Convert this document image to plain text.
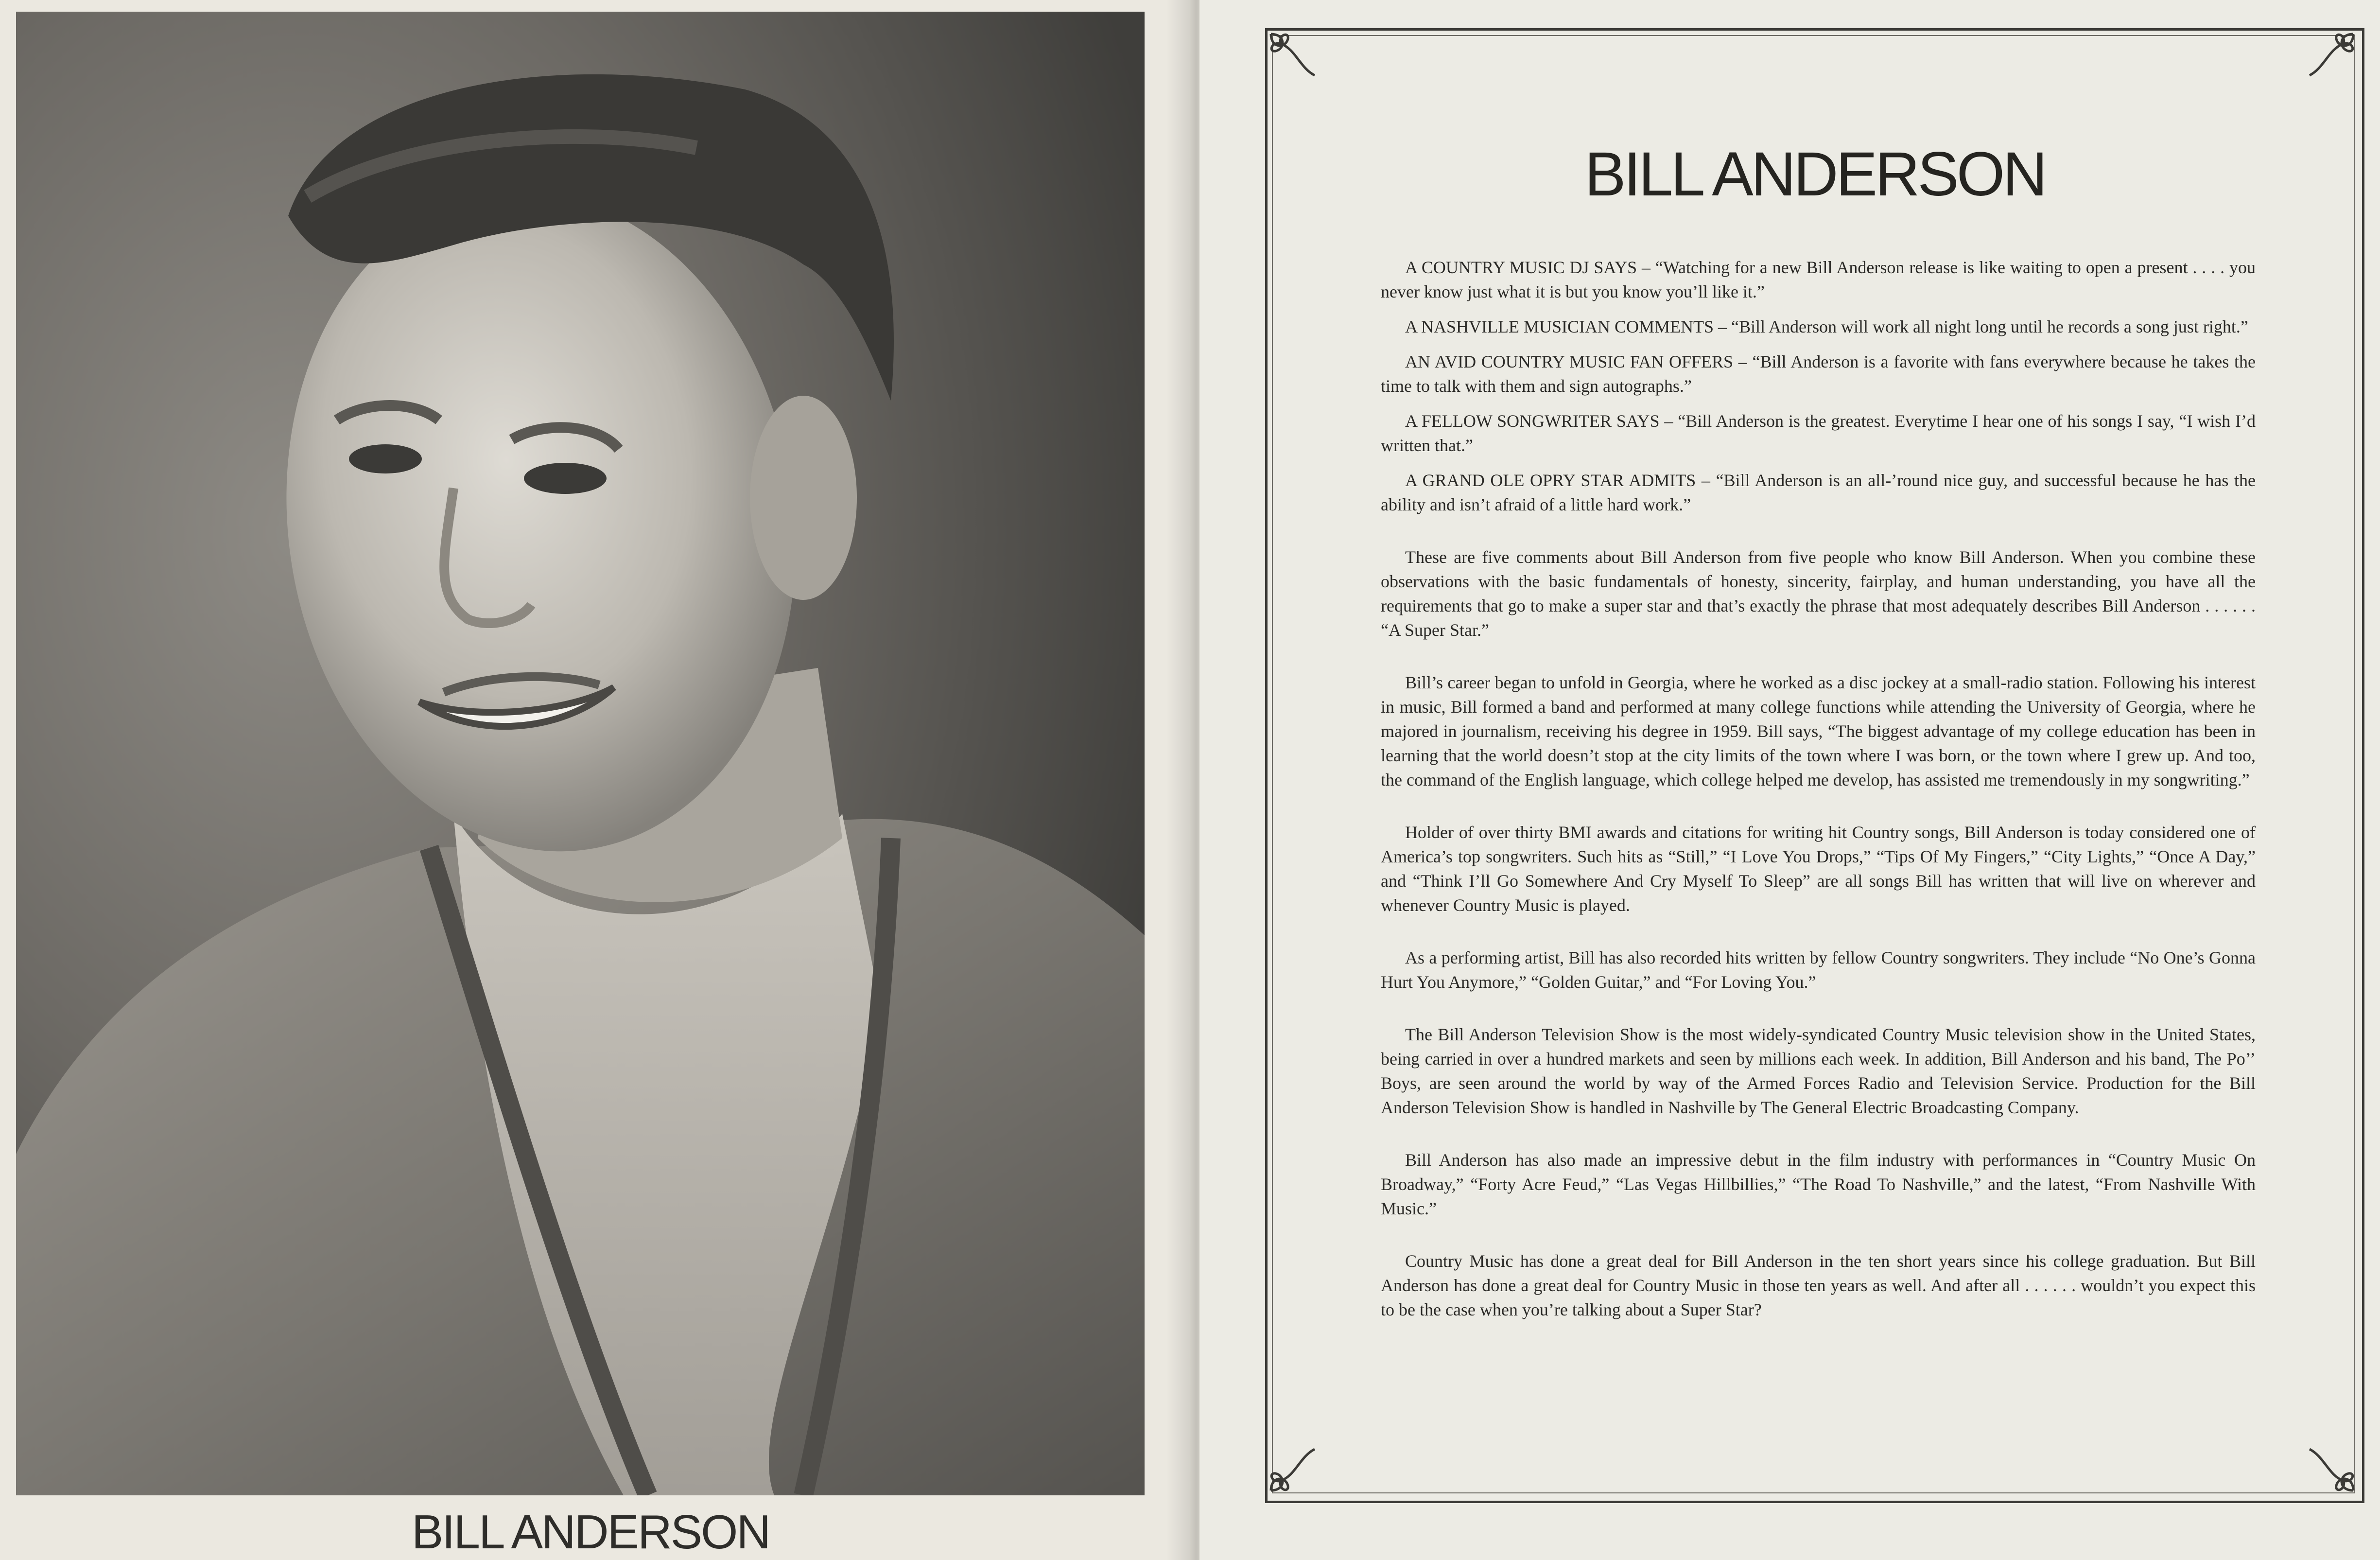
BILL ANDERSON
BILL ANDERSON

A COUNTRY MUSIC DJ SAYS – “Watching for a new Bill Anderson release is like waiting to open a present . . . . you never know just what it is but you know you’ll like it.”

A NASHVILLE MUSICIAN COMMENTS – “Bill Anderson will work all night long until he records a song just right.”

AN AVID COUNTRY MUSIC FAN OFFERS – “Bill Anderson is a favorite with fans everywhere because he takes the time to talk with them and sign autographs.”

A FELLOW SONGWRITER SAYS – “Bill Anderson is the greatest. Everytime I hear one of his songs I say, “I wish I’d written that.”

A GRAND OLE OPRY STAR ADMITS – “Bill Anderson is an all-’round nice guy, and successful because he has the ability and isn’t afraid of a little hard work.”

These are five comments about Bill Anderson from five people who know Bill Anderson. When you combine these observations with the basic fundamentals of honesty, sincerity, fairplay, and human understanding, you have all the requirements that go to make a super star and that’s exactly the phrase that most adequately describes Bill Anderson . . . . . . “A Super Star.”

Bill’s career began to unfold in Georgia, where he worked as a disc jockey at a small-radio station. Following his interest in music, Bill formed a band and performed at many college functions while attending the University of Georgia, where he majored in journalism, receiving his degree in 1959. Bill says, “The biggest advantage of my college education has been in learning that the world doesn’t stop at the city limits of the town where I was born, or the town where I grew up. And too, the command of the English language, which college helped me develop, has assisted me tremendously in my songwriting.”

Holder of over thirty BMI awards and citations for writing hit Country songs, Bill Anderson is today considered one of America’s top songwriters. Such hits as “Still,” “I Love You Drops,” “Tips Of My Fingers,” “City Lights,” “Once A Day,” and “Think I’ll Go Somewhere And Cry Myself To Sleep” are all songs Bill has written that will live on wherever and whenever Country Music is played.

As a performing artist, Bill has also recorded hits written by fellow Country songwriters. They include “No One’s Gonna Hurt You Anymore,” “Golden Guitar,” and “For Loving You.”

The Bill Anderson Television Show is the most widely-syndicated Country Music television show in the United States, being carried in over a hundred markets and seen by millions each week. In addition, Bill Anderson and his band, The Po’’ Boys, are seen around the world by way of the Armed Forces Radio and Television Service. Production for the Bill Anderson Television Show is handled in Nashville by The General Electric Broadcasting Company.

Bill Anderson has also made an impressive debut in the film industry with performances in “Country Music On Broadway,” “Forty Acre Feud,” “Las Vegas Hillbillies,” “The Road To Nashville,” and the latest, “From Nashville With Music.”

Country Music has done a great deal for Bill Anderson in the ten short years since his college graduation. But Bill Anderson has done a great deal for Country Music in those ten years as well. And after all . . . . . . wouldn’t you expect this to be the case when you’re talking about a Super Star?
